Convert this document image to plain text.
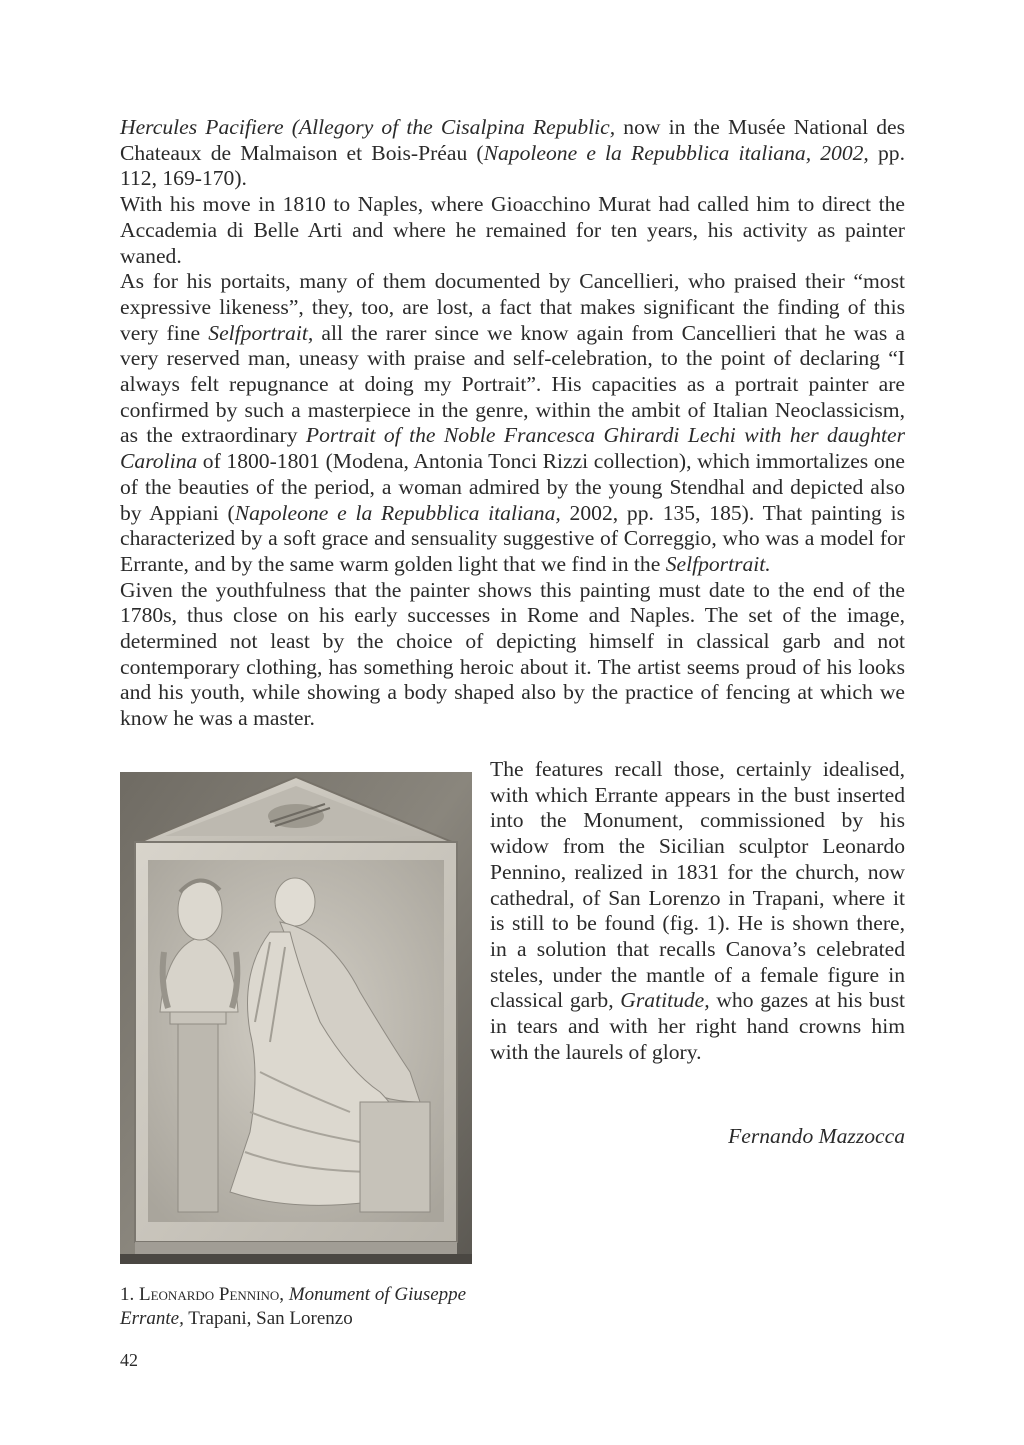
Hercules Pacifiere (Allegory of the Cisalpina Republic, now in the Musée National des Chateaux de Malmaison et Bois-Préau (Napoleone e la Repubblica italiana, 2002, pp. 112, 169-170).

With his move in 1810 to Naples, where Gioacchino Murat had called him to direct the Accademia di Belle Arti and where he remained for ten years, his activity as painter waned.

As for his portaits, many of them documented by Cancellieri, who praised their “most expressive likeness”, they, too, are lost, a fact that makes significant the finding of this very fine Selfportrait, all the rarer since we know again from Cancellieri that he was a very reserved man, uneasy with praise and self-celebration, to the point of declaring “I always felt repugnance at doing my Portrait”. His capacities as a portrait painter are confirmed by such a masterpiece in the genre, within the ambit of Italian Neoclassicism, as the extraordinary Portrait of the Noble Francesca Ghirardi Lechi with her daughter Carolina of 1800-1801 (Modena, Antonia Tonci Rizzi collection), which immortalizes one of the beauties of the period, a woman admired by the young Stendhal and depicted also by Appiani (Napoleone e la Repubblica italiana, 2002, pp. 135, 185). That painting is characterized by a soft grace and sensuality suggestive of Correggio, who was a model for Errante, and by the same warm golden light that we find in the Selfportrait.

Given the youthfulness that the painter shows this painting must date to the end of the 1780s, thus close on his early successes in Rome and Naples. The set of the image, determined not least by the choice of depicting himself in classical garb and not contemporary clothing, has something heroic about it. The artist seems proud of his looks and his youth, while showing a body shaped also by the practice of fencing at which we know he was a master.

The features recall those, certainly idealised, with which Errante appears in the bust inserted into the Monument, commissioned by his widow from the Sicilian sculptor Leonardo Pennino, realized in 1831 for the church, now cathedral, of San Lorenzo in Trapani, where it is still to be found (fig. 1). He is shown there, in a solution that recalls Canova’s celebrated steles, under the mantle of a female figure in classical garb, Gratitude, who gazes at his bust in tears and with her right hand crowns him with the laurels of glory.

Fernando Mazzocca
1. Leonardo Pennino, Monument of Giuseppe Errante, Trapani, San Lorenzo
42
